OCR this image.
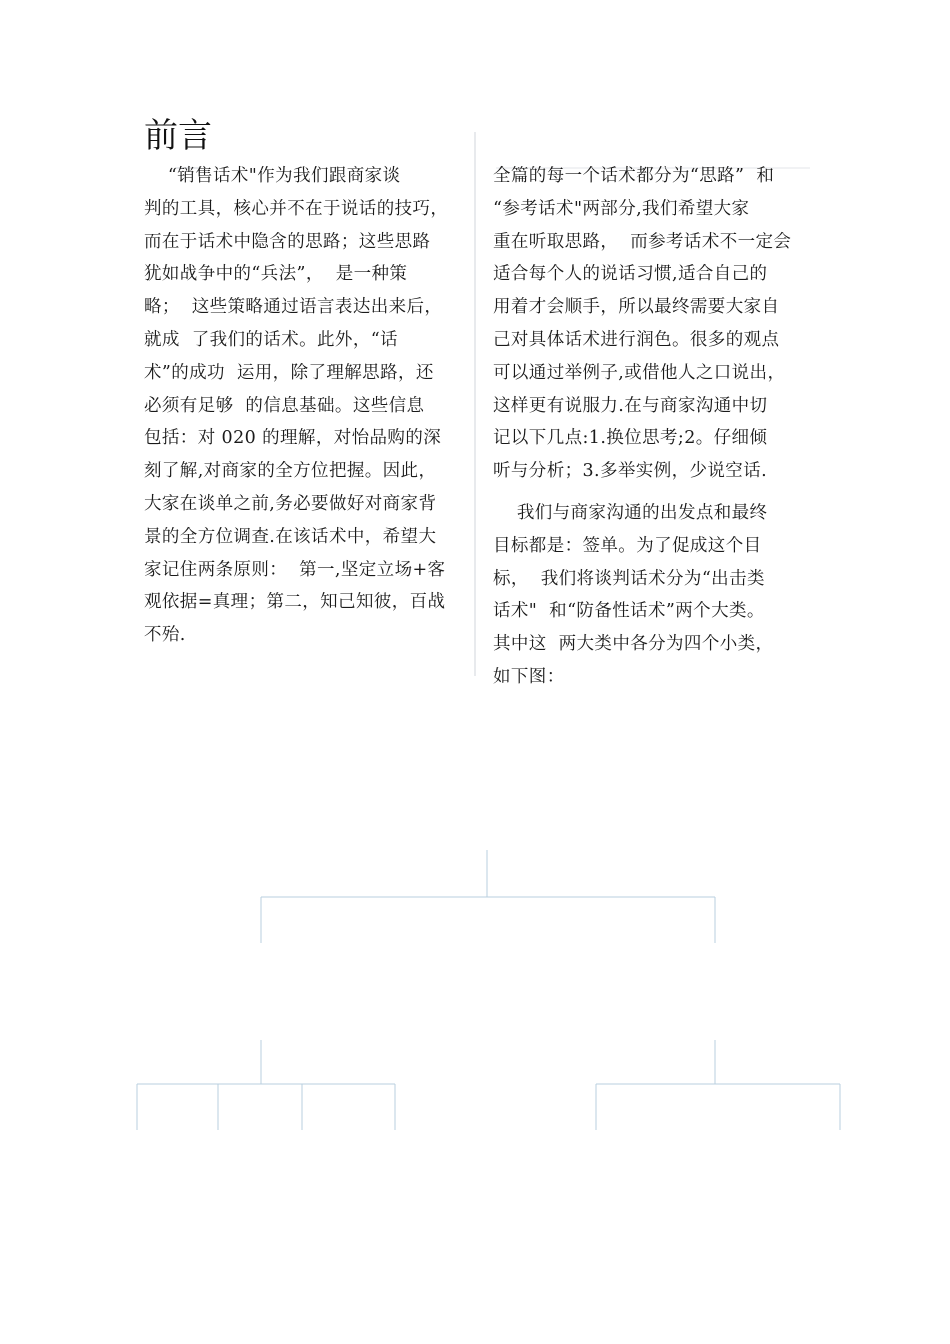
前言
“销售话术"作为我们跟商家谈
判的工具，核心并不在于说话的技巧，
而在于话术中隐含的思路；这些思路
犹如战争中的“兵法”，  是一种策
略；  这些策略通过语言表达出来后，
就成  了我们的话术。此外，“话
术”的成功  运用，除了理解思路，还
必须有足够  的信息基础。这些信息
包括：对 020 的理解，对怡品购的深
刻了解,对商家的全方位把握。因此，
大家在谈单之前,务必要做好对商家背
景的全方位调查.在该话术中，希望大
家记住两条原则：  第一,坚定立场+客
观依据=真理；第二，知己知彼，百战
不殆.
全篇的每一个话术都分为“思路”  和
“参考话术"两部分,我们希望大家
重在听取思路，  而参考话术不一定会
适合每个人的说话习惯,适合自己的
用着才会顺手，所以最终需要大家自
己对具体话术进行润色。很多的观点
可以通过举例子,或借他人之口说出，
这样更有说服力.在与商家沟通中切
记以下几点:1.换位思考;2。仔细倾
听与分析；3.多举实例，少说空话.
我们与商家沟通的出发点和最终
目标都是：签单。为了促成这个目
标，  我们将谈判话术分为“出击类
话术"  和“防备性话术”两个大类。
其中这  两大类中各分为四个小类，
如下图：
